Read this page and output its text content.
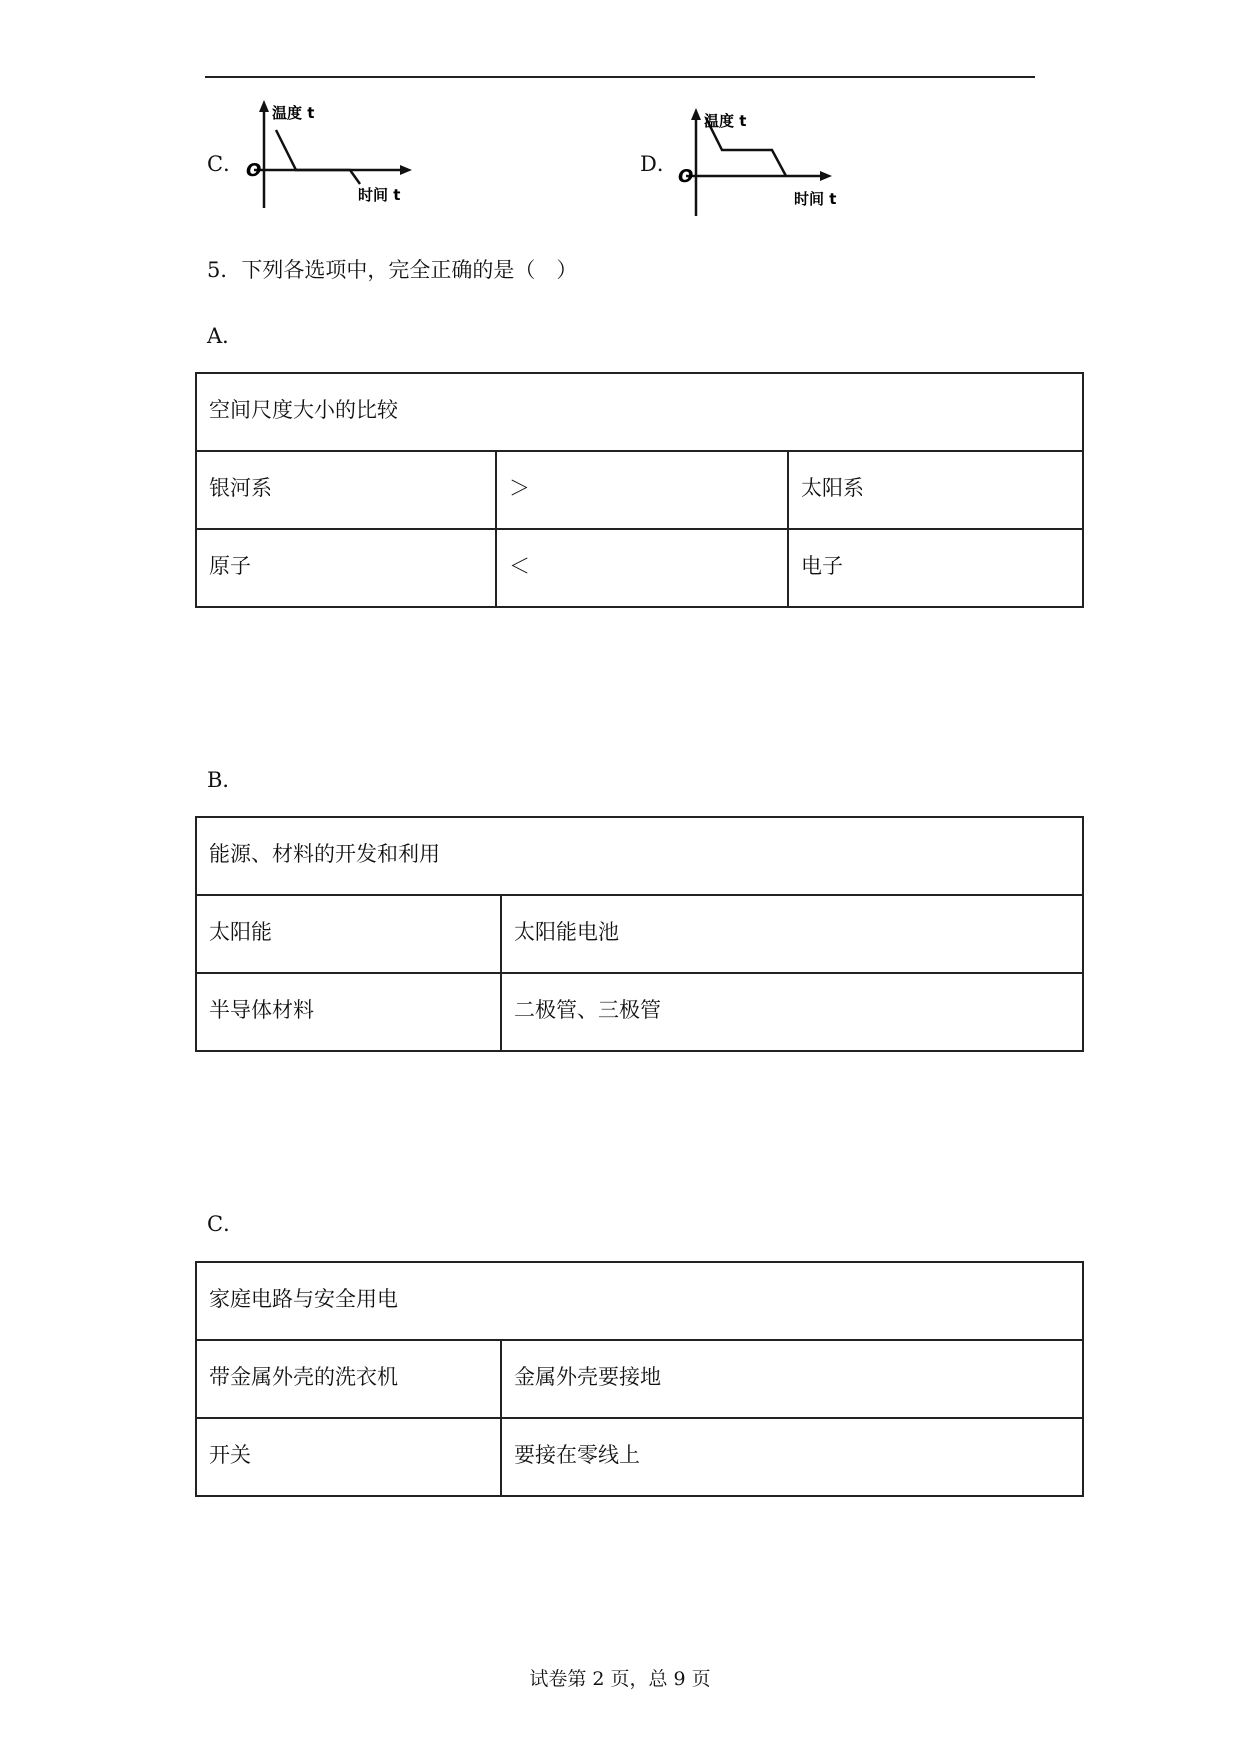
C．
温度 t
时间 t
O	D．
温度 t
时间 t
O
5．下列各选项中，完全正确的是（　）
A．
空间尺度大小的比较		
银河系	＞	太阳系
原子	＜	电子
B．
能源、材料的开发和利用	
太阳能	太阳能电池
半导体材料	二极管、三极管
C．
家庭电路与安全用电	
带金属外壳的洗衣机	金属外壳要接地
开关	要接在零线上
试卷第 2 页，总 9 页
